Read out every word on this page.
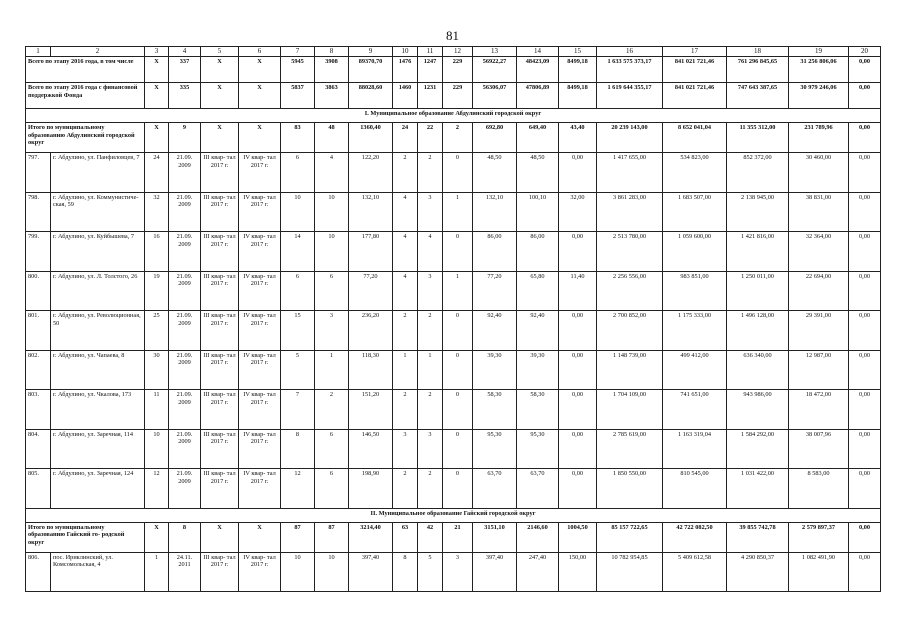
81
1	2	3	4	5	6	7	8	9	10	11	12	13	14	15	16	17	18	19	20
Всего по этапу 2016 года, в том числе		X	337	X	X	5945	3908	89370,70	1476	1247	229	56922,27	48423,09	8499,18	1 633 575 373,17	841 021 721,46	761 296 845,65	31 256 806,06	0,00
Всего по этапу 2016 года с финансовой поддержкой Фонда		X	335	X	X	5837	3863	88028,60	1460	1231	229	56306,07	47806,89	8499,18	1 619 644 355,17	841 021 721,46	747 643 387,65	30 979 246,06	0,00
I. Муниципальное образование Абдулинский городской округ																			
Итого по муниципальному образованию Абдулинский городской округ		X	9	X	X	83	48	1360,40	24	22	2	692,80	649,40	43,40	20 239 143,00	8 652 041,04	11 355 312,00	231 789,96	0,00
797.	г. Абдулино, ул. Панфиловцев, 7	24	21.09. 2009	III квар- тал 2017 г.	IV квар- тал 2017 г.	6	4	122,20	2	2	0	48,50	48,50	0,00	1 417 655,00	534 823,00	852 372,00	30 460,00	0,00
798.	г. Абдулино, ул. Коммунистиче- ская, 59	32	21.09. 2009	III квар- тал 2017 г.	IV квар- тал 2017 г.	10	10	132,10	4	3	1	132,10	100,10	32,00	3 861 283,00	1 683 507,00	2 138 945,00	38 831,00	0,00
799.	г. Абдулино, ул. Куйбышева, 7	16	21.09. 2009	III квар- тал 2017 г.	IV квар- тал 2017 г.	14	10	177,80	4	4	0	86,00	86,00	0,00	2 513 780,00	1 059 600,00	1 421 816,00	32 364,00	0,00
800.	г. Абдулино, ул. Л. Толстого, 26	19	21.09. 2009	III квар- тал 2017 г.	IV квар- тал 2017 г.	6	6	77,20	4	3	1	77,20	65,80	11,40	2 256 556,00	983 851,00	1 250 011,00	22 694,00	0,00
801.	г. Абдулино, ул. Революционная, 50	25	21.09. 2009	III квар- тал 2017 г.	IV квар- тал 2017 г.	15	3	236,20	2	2	0	92,40	92,40	0,00	2 700 852,00	1 175 333,00	1 496 128,00	29 391,00	0,00
802.	г. Абдулино, ул. Чапаева, 8	30	21.09. 2009	III квар- тал 2017 г.	IV квар- тал 2017 г.	5	1	118,30	1	1	0	39,30	39,30	0,00	1 148 739,00	499 412,00	636 340,00	12 987,00	0,00
803.	г. Абдулино, ул. Чкалова, 173	11	21.09. 2009	III квар- тал 2017 г.	IV квар- тал 2017 г.	7	2	151,20	2	2	0	58,30	58,30	0,00	1 704 109,00	741 651,00	943 986,00	18 472,00	0,00
804.	г. Абдулино, ул. Заречная, 114	10	21.09. 2009	III квар- тал 2017 г.	IV квар- тал 2017 г.	8	6	146,50	3	3	0	95,30	95,30	0,00	2 785 619,00	1 163 319,04	1 584 292,00	38 007,96	0,00
805.	г. Абдулино, ул. Заречная, 124	12	21.09. 2009	III квар- тал 2017 г.	IV квар- тал 2017 г.	12	6	198,90	2	2	0	63,70	63,70	0,00	1 850 550,00	810 545,00	1 031 422,00	8 583,00	0,00
II. Муниципальное образование Гайский городской округ																			
Итого по муниципальному образованию Гайский го- родской округ		X	8	X	X	87	87	3214,40	63	42	21	3151,10	2146,60	1004,50	85 157 722,65	42 722 082,50	39 855 742,78	2 579 897,37	0,00
806.	пос. Ириклинский, ул. Комсомольская, 4	1	24.11. 2011	III квар- тал 2017 г.	IV квар- тал 2017 г.	10	10	397,40	8	5	3	397,40	247,40	150,00	10 782 954,85	5 409 612,58	4 290 850,37	1 082 491,90	0,00
